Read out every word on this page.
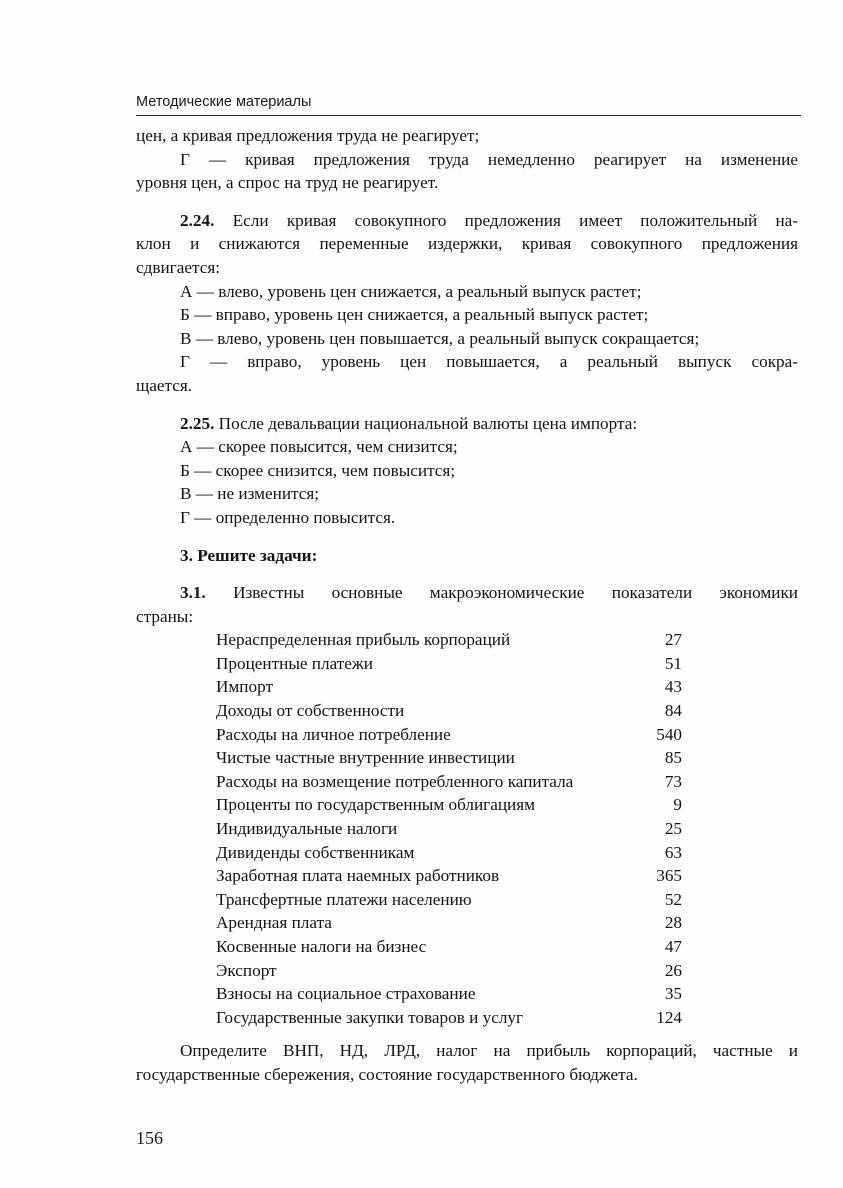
Методические материалы

цен, а кривая предложения труда не реагирует;

Г — кривая предложения труда немедленно реагирует на изменение

уровня цен, а спрос на труд не реагирует.

2.24. Если кривая совокупного предложения имеет положительный на-

клон и снижаются переменные издержки, кривая совокупного предложения

сдвигается:

А — влево, уровень цен снижается, а реальный выпуск растет;

Б — вправо, уровень цен снижается, а реальный выпуск растет;

В — влево, уровень цен повышается, а реальный выпуск сокращается;

Г — вправо, уровень цен повышается, а реальный выпуск сокра-

щается.

2.25. После девальвации национальной валюты цена импорта:

А — скорее повысится, чем снизится;

Б — скорее снизится, чем повысится;

В — не изменится;

Г — определенно повысится.

3. Решите задачи:

3.1. Известны основные макроэкономические показатели экономики

страны:

Нераспределенная прибыль корпораций	27
Процентные платежи	51
Импорт	43
Доходы от собственности	84
Расходы на личное потребление	540
Чистые частные внутренние инвестиции	85
Расходы на возмещение потребленного капитала	73
Проценты по государственным облигациям	9
Индивидуальные налоги	25
Дивиденды собственникам	63
Заработная плата наемных работников	365
Трансфертные платежи населению	52
Арендная плата	28
Косвенные налоги на бизнес	47
Экспорт	26
Взносы на социальное страхование	35
Государственные закупки товаров и услуг	124

Определите ВНП, НД, ЛРД, налог на прибыль корпораций, частные и

государственные сбережения, состояние государственного бюджета.

156
